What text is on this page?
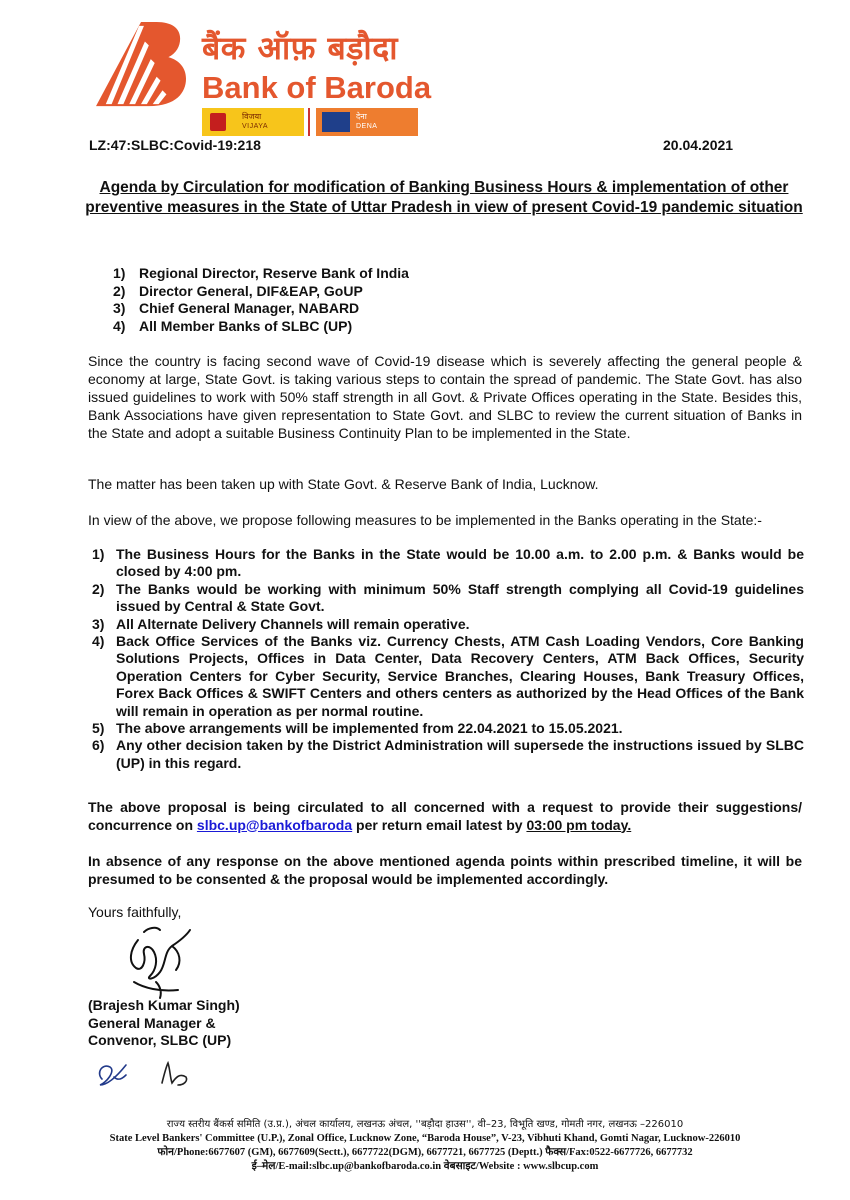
बैंक ऑफ़ बड़ौदा
Bank of Baroda
विजया
VIJAYA
देना
DENA
LZ:47:SLBC:Covid-19:218	20.04.2021
Agenda by Circulation for modification of Banking Business Hours & implementation of other preventive measures in the State of Uttar Pradesh in view of present Covid-19 pandemic situation
1) Regional Director, Reserve Bank of India
2) Director General, DIF&EAP, GoUP
3) Chief General Manager, NABARD
4) All Member Banks of SLBC (UP)

Since the country is facing second wave of Covid-19 disease which is severely affecting the general people & economy at large, State Govt. is taking various steps to contain the spread of pandemic. The State Govt. has also issued guidelines to work with 50% staff strength in all Govt. & Private Offices operating in the State. Besides this, Bank Associations have given representation to State Govt. and SLBC to review the current situation of Banks in the State and adopt a suitable Business Continuity Plan to be implemented in the State.

The matter has been taken up with State Govt. & Reserve Bank of India, Lucknow.

In view of the above, we propose following measures to be implemented in the Banks operating in the State:-

1) The Business Hours for the Banks in the State would be 10.00 a.m. to 2.00 p.m. & Banks would be closed by 4:00 pm.
2) The Banks would be working with minimum 50% Staff strength complying all Covid-19 guidelines issued by Central & State Govt.
3) All Alternate Delivery Channels will remain operative.
4) Back Office Services of the Banks viz. Currency Chests, ATM Cash Loading Vendors, Core Banking Solutions Projects, Offices in Data Center, Data Recovery Centers, ATM Back Offices, Security Operation Centers for Cyber Security, Service Branches, Clearing Houses, Bank Treasury Offices, Forex Back Offices & SWIFT Centers and others centers as authorized by the Head Offices of the Bank will remain in operation as per normal routine.
5) The above arrangements will be implemented from 22.04.2021 to 15.05.2021.
6) Any other decision taken by the District Administration will supersede the instructions issued by SLBC (UP) in this regard.

The above proposal is being circulated to all concerned with a request to provide their suggestions/ concurrence on slbc.up@bankofbaroda per return email latest by 03:00 pm today.

In absence of any response on the above mentioned agenda points within prescribed timeline, it will be presumed to be consented & the proposal would be implemented accordingly.

Yours faithfully,
(Brajesh Kumar Singh)
General Manager &
Convenor, SLBC (UP)
राज्य स्तरीय बैंकर्स समिति (उ.प्र.), अंचल कार्यालय, लखनऊ अंचल, ''बड़ौदा हाउस'', वी–23, विभूति खण्ड, गोमती नगर, लखनऊ –226010
State Level Bankers' Committee (U.P.), Zonal Office, Lucknow Zone, “Baroda House”, V-23, Vibhuti Khand, Gomti Nagar, Lucknow-226010
फोन/Phone:6677607 (GM), 6677609(Sectt.), 6677722(DGM), 6677721, 6677725 (Deptt.) फैक्स/Fax:0522-6677726, 6677732
ई–मेल/E-mail:slbc.up@bankofbaroda.co.in वेबसाइट/Website : www.slbcup.com
